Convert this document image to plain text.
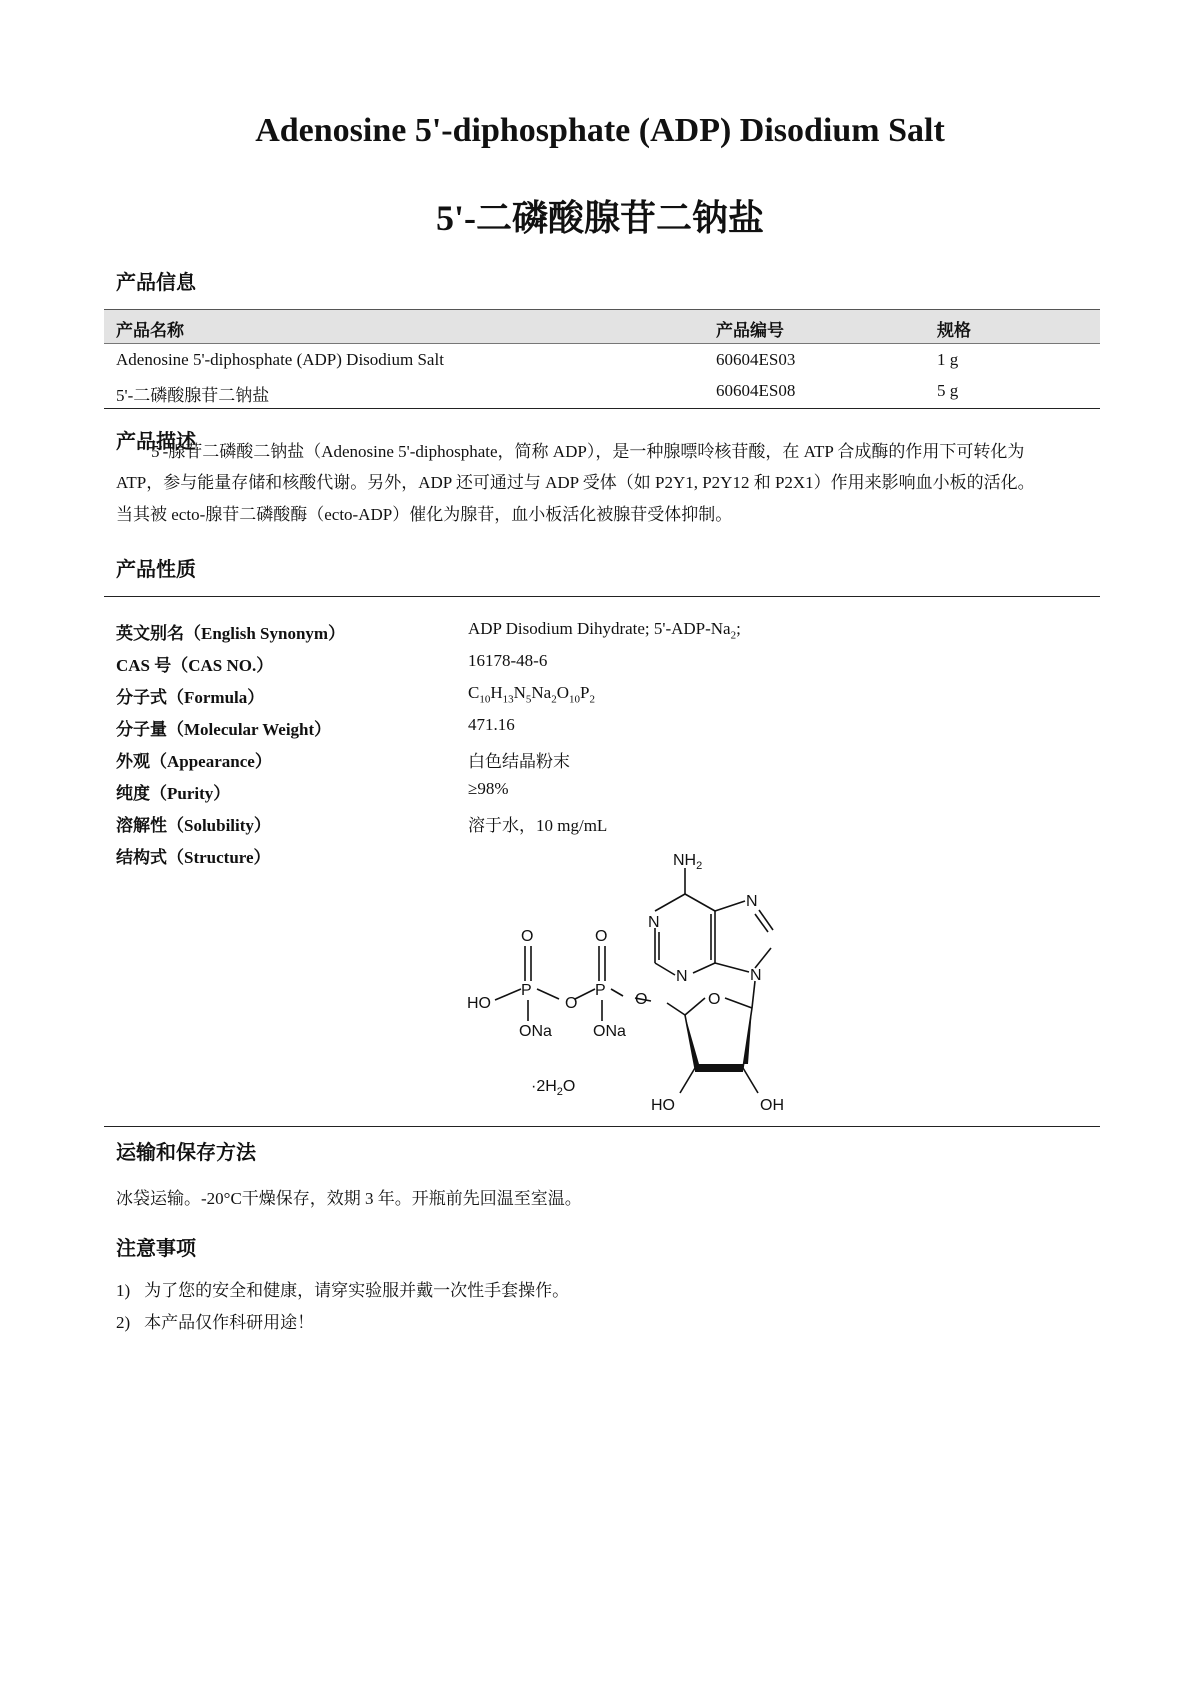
Adenosine 5'-diphosphate (ADP) Disodium Salt
5'-二磷酸腺苷二钠盐
产品信息
产品名称	产品编号	规格
Adenosine 5'-diphosphate (ADP) Disodium Salt	60604ES03	1 g
5'-二磷酸腺苷二钠盐	60604ES08	5 g
产品描述
5'-腺苷二磷酸二钠盐（Adenosine 5'-diphosphate，简称 ADP），是一种腺嘌呤核苷酸，在 ATP 合成酶的作用下可转化为
ATP，参与能量存储和核酸代谢。另外，ADP 还可通过与 ADP 受体（如 P2Y1, P2Y12 和 P2X1）作用来影响血小板的活化。
当其被 ecto-腺苷二磷酸酶（ecto-ADP）催化为腺苷，血小板活化被腺苷受体抑制。
产品性质
英文别名（English Synonym）	ADP Disodium Dihydrate; $5'-ADP-Na_2$;
CAS 号（CAS NO.）	16178-48-6
分子式（Formula）	$C_{10}H_{13}N_5Na_2O_{10}P_2$
分子量（Molecular Weight）	471.16
外观（Appearance）	白色结晶粉末
纯度（Purity）	≥98%
溶解性（Solubility）	溶于水，10 mg/mL
结构式（Structure）	$NH_2$
N
N
N
N
O
O
O
P	P
O	O
HO
ONa	ONa
$\cdot 2H_2O$
HO	OH
运输和保存方法
冰袋运输。-20°C干燥保存，效期 3 年。开瓶前先回温至室温。
注意事项
1) 为了您的安全和健康，请穿实验服并戴一次性手套操作。
2) 本产品仅作科研用途！
